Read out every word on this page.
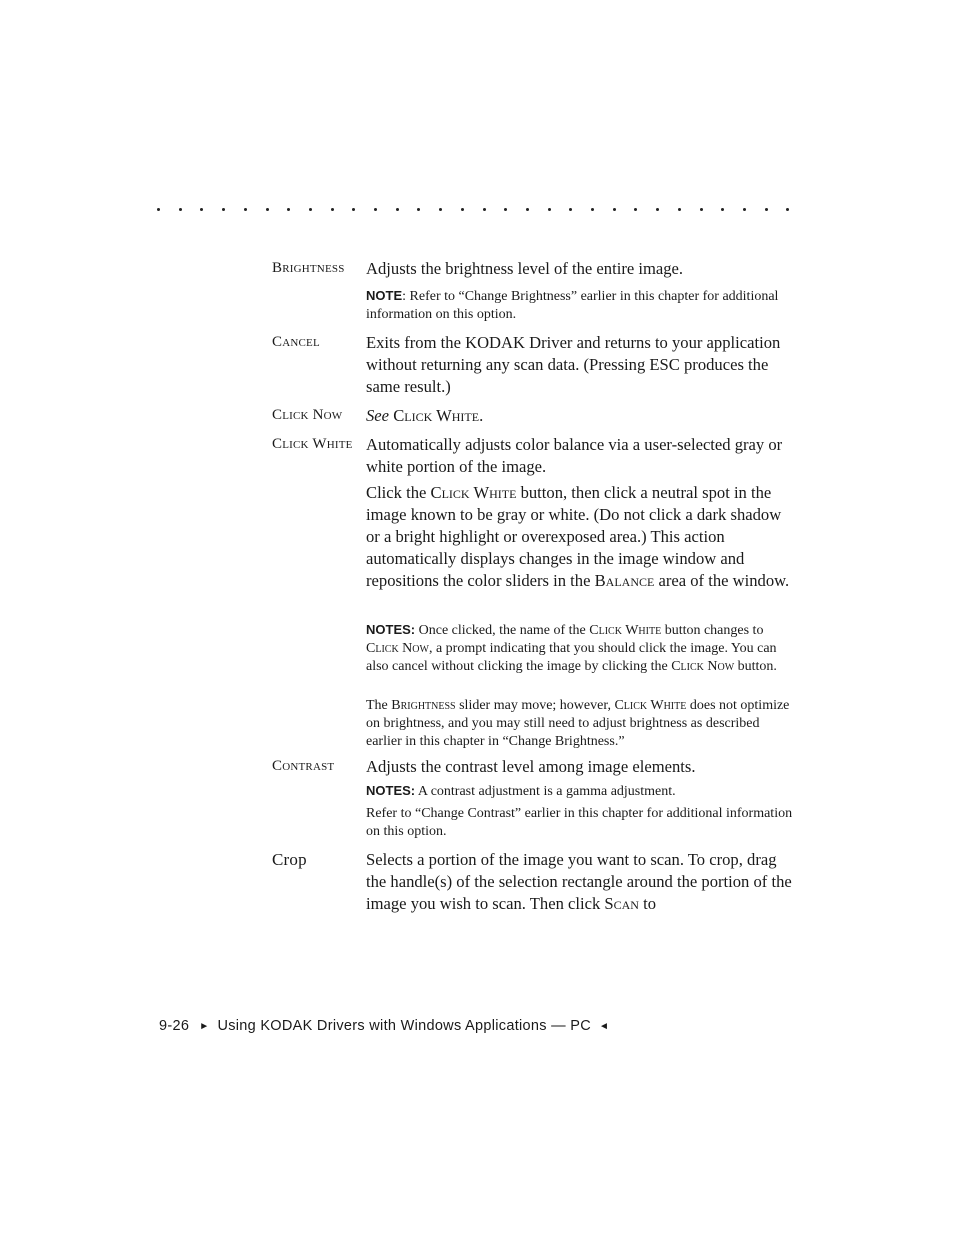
Brightness Adjusts the brightness level of the entire image.
NOTE: Refer to “Change Brightness” earlier in this chapter for additional information on this option.
Cancel	Exits from the KODAK Driver and returns to your application without returning any scan data. (Pressing ESC produces the same result.)
Click Now See Click White.
Click White Automatically adjusts color balance via a user-selected gray or white portion of the image.
Click the Click White button, then click a neutral spot in the image known to be gray or white. (Do not click a dark shadow or a bright highlight or overexposed area.) This action automatically displays changes in the image window and repositions the color sliders in the Balance area of the window.
NOTES: Once clicked, the name of the Click White button changes to Click Now, a prompt indicating that you should click the image. You can also cancel without clicking the image by clicking the Click Now button.
The Brightness slider may move; however, Click White does not optimize on brightness, and you may still need to adjust brightness as described earlier in this chapter in “Change Brightness.”
Contrast Adjusts the contrast level among image elements.
NOTES: A contrast adjustment is a gamma adjustment.
Refer to “Change Contrast” earlier in this chapter for additional information on this option.
Crop	Selects a portion of the image you want to scan. To crop, drag the handle(s) of the selection rectangle around the portion of the image you wish to scan. Then click Scan to
9-26 ► Using KODAK Drivers with Windows Applications — PC ◄
